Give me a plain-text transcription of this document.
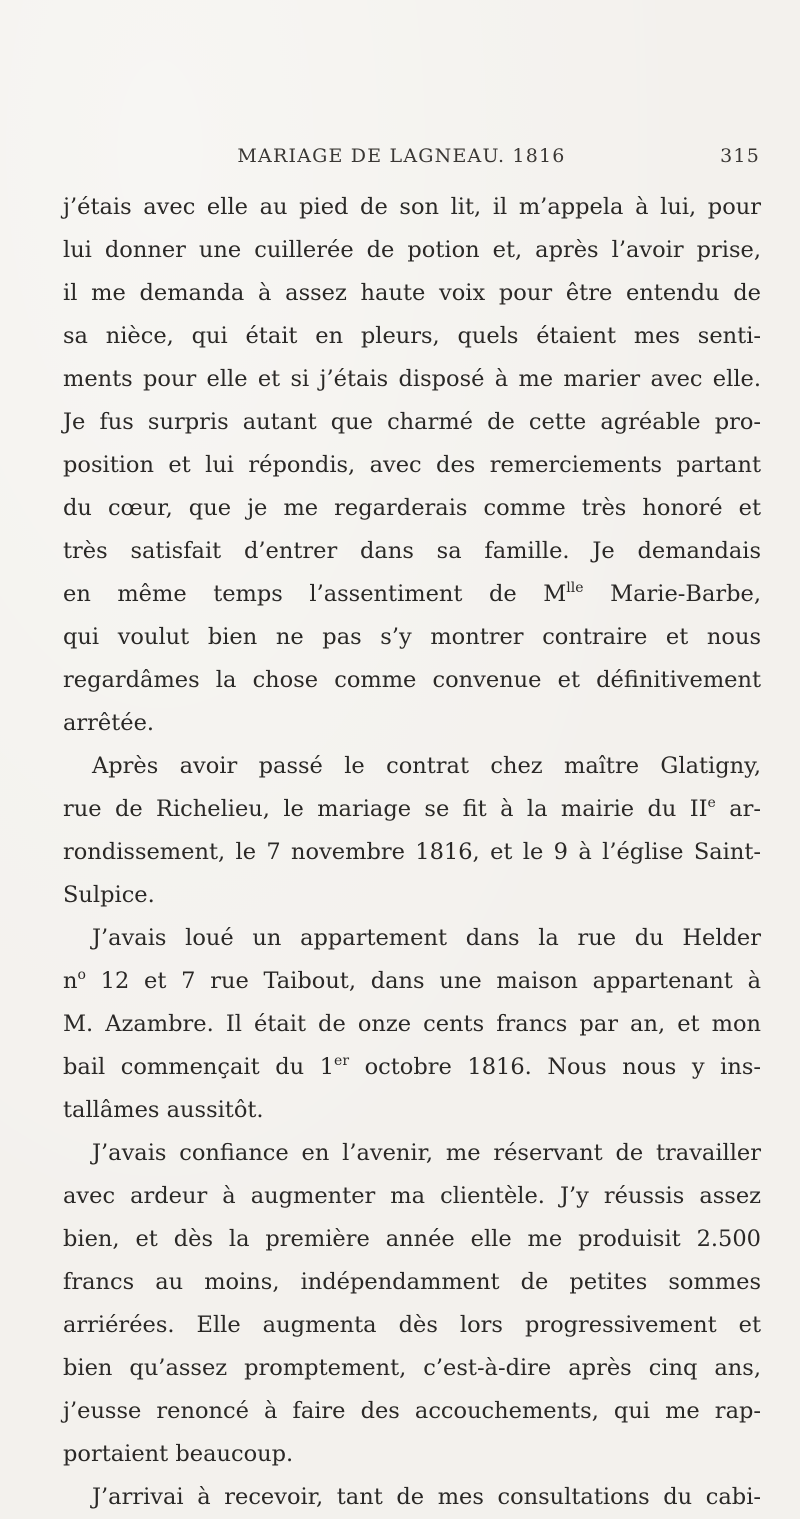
MARIAGE DE LAGNEAU. 1816	315
j’étais avec elle au pied de son lit, il m’appela à lui, pour
lui donner une cuillerée de potion et, après l’avoir prise,
il me demanda à assez haute voix pour être entendu de
sa nièce, qui était en pleurs, quels étaient mes senti-
ments pour elle et si j’étais disposé à me marier avec elle.
Je fus surpris autant que charmé de cette agréable pro-
position et lui répondis, avec des remerciements partant
du cœur, que je me regarderais comme très honoré et
très satisfait d’entrer dans sa famille. Je demandais
en même temps l’assentiment de $M^{lle}$ Marie-Barbe,
qui voulut bien ne pas s’y montrer contraire et nous
regardâmes la chose comme convenue et définitivement
arrêtée.
Après avoir passé le contrat chez maître Glatigny,
rue de Richelieu, le mariage se fit à la mairie du IIe ar-
rondissement, le 7 novembre 1816, et le 9 à l’église Saint-
Sulpice.
J’avais loué un appartement dans la rue du Helder
$n^o$ 12 et 7 rue Taibout, dans une maison appartenant à
M. Azambre. Il était de onze cents francs par an, et mon
bail commençait du 1er octobre 1816. Nous nous y ins-
tallâmes aussitôt.
J’avais confiance en l’avenir, me réservant de travailler
avec ardeur à augmenter ma clientèle. J’y réussis assez
bien, et dès la première année elle me produisit 2.500
francs au moins, indépendamment de petites sommes
arriérées. Elle augmenta dès lors progressivement et
bien qu’assez promptement, c’est-à-dire après cinq ans,
j’eusse renoncé à faire des accouchements, qui me rap-
portaient beaucoup.
J’arrivai à recevoir, tant de mes consultations du cabi-
